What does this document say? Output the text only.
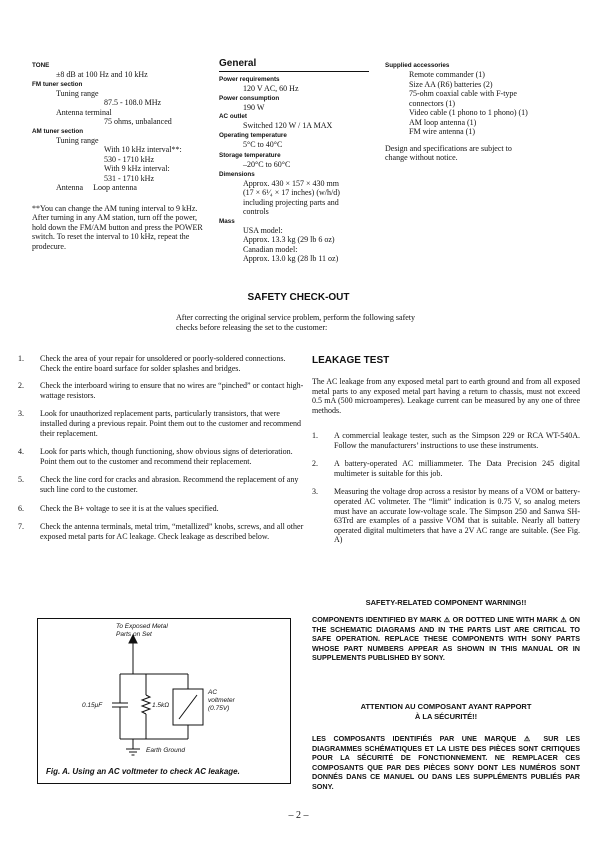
TONE
±8 dB at 100 Hz and 10 kHz
FM tuner section
Tuning range
87.5 - 108.0 MHz
Antenna terminal
75 ohms, unbalanced
AM tuner section
Tuning range
With 10 kHz interval**:
530 - 1710 kHz
With 9 kHz interval:
531 - 1710 kHz
Antenna Loop antenna
**You can change the AM tuning interval to 9 kHz. After turning in any AM station, turn off the power, hold down the FM/AM button and press the POWER switch. To reset the interval to 10 kHz, repeat the prodecure.
General
Power requirements
120 V AC, 60 Hz
Power consumption
190 W
AC outlet
Switched 120 W / 1A MAX
Operating temperature
5°C to 40°C
Storage temperature
–20°C to 60°C
Dimensions
Approx. 430 × 157 × 430 mm
(17 × 6¹⁄₄ × 17 inches) (w/h/d)
including projecting parts and
controls
Mass
USA model:
Approx. 13.3 kg (29 lb 6 oz)
Canadian model:
Approx. 13.0 kg (28 lb 11 oz)
Supplied accessories
Remote commander (1)
Size AA (R6) batteries (2)
75-ohm coaxial cable with F-type
connectors (1)
Video cable (1 phono to 1 phono) (1)
AM loop antenna (1)
FM wire antenna (1)
Design and specifications are subject to
change without notice.
SAFETY CHECK-OUT
After correcting the original service problem, perform the following safety checks before releasing the set to the customer:
1. Check the area of your repair for unsoldered or poorly-soldered connections. Check the entire board surface for solder splashes and bridges.
2. Check the interboard wiring to ensure that no wires are “pinched” or contact high-wattage resistors.
3. Look for unauthorized replacement parts, particularly transistors, that were installed during a previous repair. Point them out to the customer and recommend their replacement.
4. Look for parts which, though functioning, show obvious signs of deterioration. Point them out to the customer and recommend their replacement.
5. Check the line cord for cracks and abrasion. Recommend the replacement of any such line cord to the customer.
6. Check the B+ voltage to see it is at the values specified.
7. Check the antenna terminals, metal trim, “metallized” knobs, screws, and all other exposed metal parts for AC leakage. Check leakage as described below.
To Exposed Metal
Parts on Set
0.15μF	1.5kΩ
AC
voltmeter
(0.75V)
Earth Ground
Fig. A. Using an AC voltmeter to check AC leakage.
LEAKAGE TEST
The AC leakage from any exposed metal part to earth ground and from all exposed metal parts to any exposed metal part having a return to chassis, must not exceed 0.5 mA (500 microamperes). Leakage current can be measured by any one of three methods.
1. A commercial leakage tester, such as the Simpson 229 or RCA WT-540A. Follow the manufacturers’ instructions to use these instruments.
2. A battery-operated AC milliammeter. The Data Precision 245 digital multimeter is suitable for this job.
3. Measuring the voltage drop across a resistor by means of a VOM or battery-operated AC voltmeter. The “limit” indication is 0.75 V, so analog meters must have an accurate low-voltage scale. The Simpson 250 and Sanwa SH-63Trd are examples of a passive VOM that is suitable. Nearly all battery operated digital multimeters that have a 2V AC range are suitable. (See Fig. A)
SAFETY-RELATED COMPONENT WARNING!!
COMPONENTS IDENTIFIED BY MARK ⚠ OR DOTTED LINE WITH MARK ⚠ ON THE SCHEMATIC DIAGRAMS AND IN THE PARTS LIST ARE CRITICAL TO SAFE OPERATION. REPLACE THESE COMPONENTS WITH SONY PARTS WHOSE PART NUMBERS APPEAR AS SHOWN IN THIS MANUAL OR IN SUPPLEMENTS PUBLISHED BY SONY.
ATTENTION AU COMPOSANT AYANT RAPPORT
À LA SÉCURITÉ!!
LES COMPOSANTS IDENTIFIÉS PAR UNE MARQUE ⚠ SUR LES DIAGRAMMES SCHÉMATIQUES ET LA LISTE DES PIÈCES SONT CRITIQUES POUR LA SÉCURITÉ DE FONCTIONNEMENT. NE REMPLACER CES COMPOSANTS QUE PAR DES PIÈCES SONY DONT LES NUMÉROS SONT DONNÉS DANS CE MANUEL OU DANS LES SUPPLÉMENTS PUBLIÉS PAR SONY.
– 2 –
